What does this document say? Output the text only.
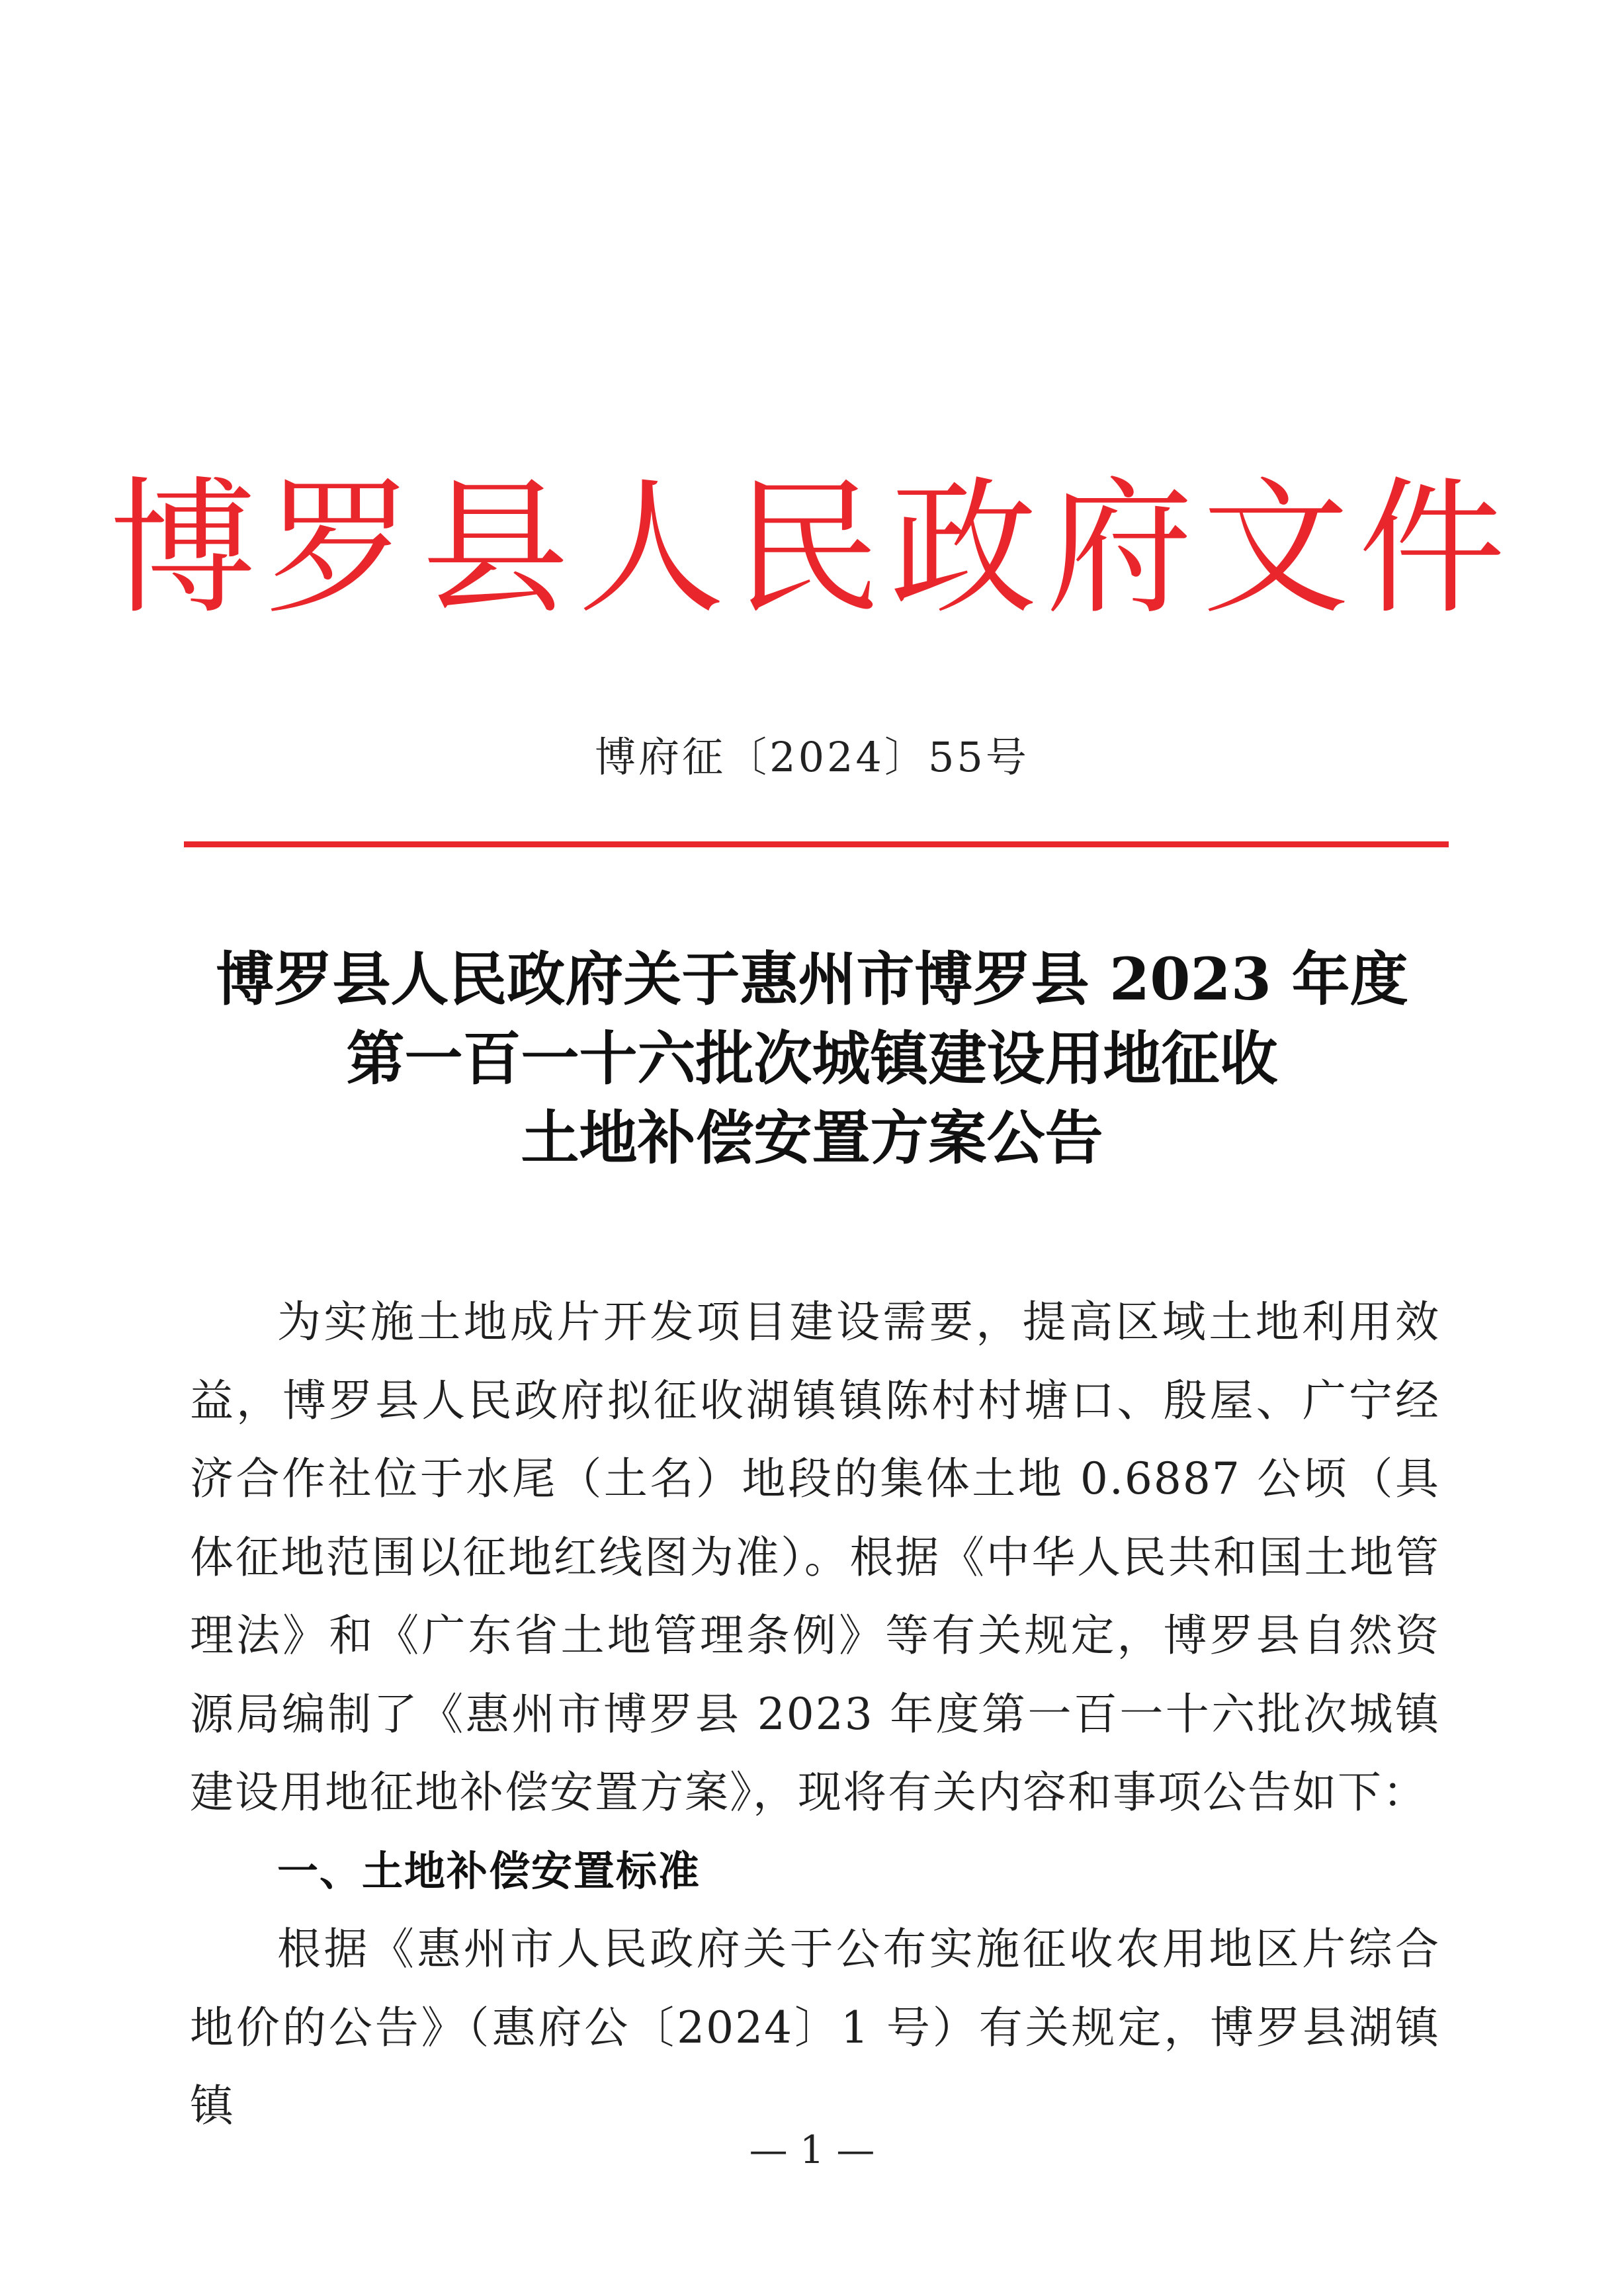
博罗县人民政府文件
博府征〔2024〕55号
博罗县人民政府关于惠州市博罗县 2023 年度
第一百一十六批次城镇建设用地征收
土地补偿安置方案公告

为实施土地成片开发项目建设需要，提高区域土地利用效益，博罗县人民政府拟征收湖镇镇陈村村塘口、殷屋、广宁经济合作社位于水尾（土名）地段的集体土地 0.6887 公顷（具体征地范围以征地红线图为准）。根据《中华人民共和国土地管理法》和《广东省土地管理条例》等有关规定，博罗县自然资源局编制了《惠州市博罗县 2023 年度第一百一十六批次城镇建设用地征地补偿安置方案》，现将有关内容和事项公告如下：

一、土地补偿安置标准

根据《惠州市人民政府关于公布实施征收农用地区片综合地价的公告》（惠府公〔2024〕1 号）有关规定，博罗县湖镇镇

— 1 —
